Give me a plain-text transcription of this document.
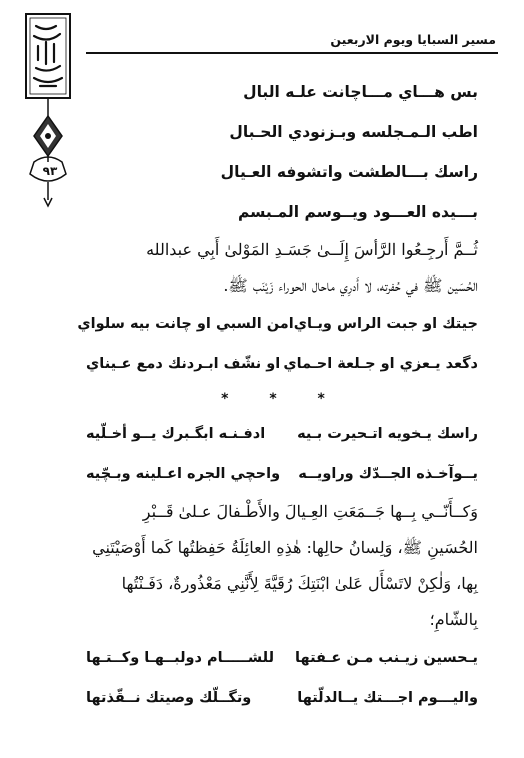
مسير السبايا ويوم الاربعين
٩٣
بس هـــاي مـــاچانت علـه البال
اطب الـمـجلسه وبـزنودي الحـبال
راسك بـــالطشت واتشوفه العـيال
بـــيده العـــود ويــوسم المـبسم
ثُــمَّ أَرجِـعُوا الرَّأسَ إِلَــىٰ جَسَـدِ المَوْلىٰ أَبِي عبدالله
الحُسَين ﷺ في حُفرته، لا أَدرِي ماحال الحوراء زَيْنَب ﷺ.
جيتك او جبت الراس ويـاي
امن السبي او چانت بيه سلواي
دگعد يـعزي او جـلعة احـماي
او نشّف ابـردنك دمع عـيناي
* * *
راسك يـخويه اتـحيرت بـيه
ادفـنـه ابگـبرك يــو أخـلّيه
يــوآخـذه الجــدّك وراويــه
واحچي الجره اعـلينه وبـچّيه
وَكــأَنّــي بِــها جَــمَعَتِ العِـيالَ والأَطْـفالَ عـلىٰ قَــبْرِ
الحُسَينِ ﷺ، وَلِسانُ حالِها: هٰذِهِ العائِلَةُ حَفِظتُها كَما أَوْصَيْتَنِي
بِها، وَلٰكِنْ لاتَسْأَل عَلىٰ ابْنَتِكَ رُقَيَّةَ لِأَنَّنِي مَعْذُورةٌ، دَفَـنْتُها
بِالشّامِ؛
يـحسين زيـنب مـن عـفتها
للشـــــام دولبــهـا وكــتـها
واليـــوم اجـــتك يــالدلّتها
وتگــلّك وصيتك نــقّذتها
